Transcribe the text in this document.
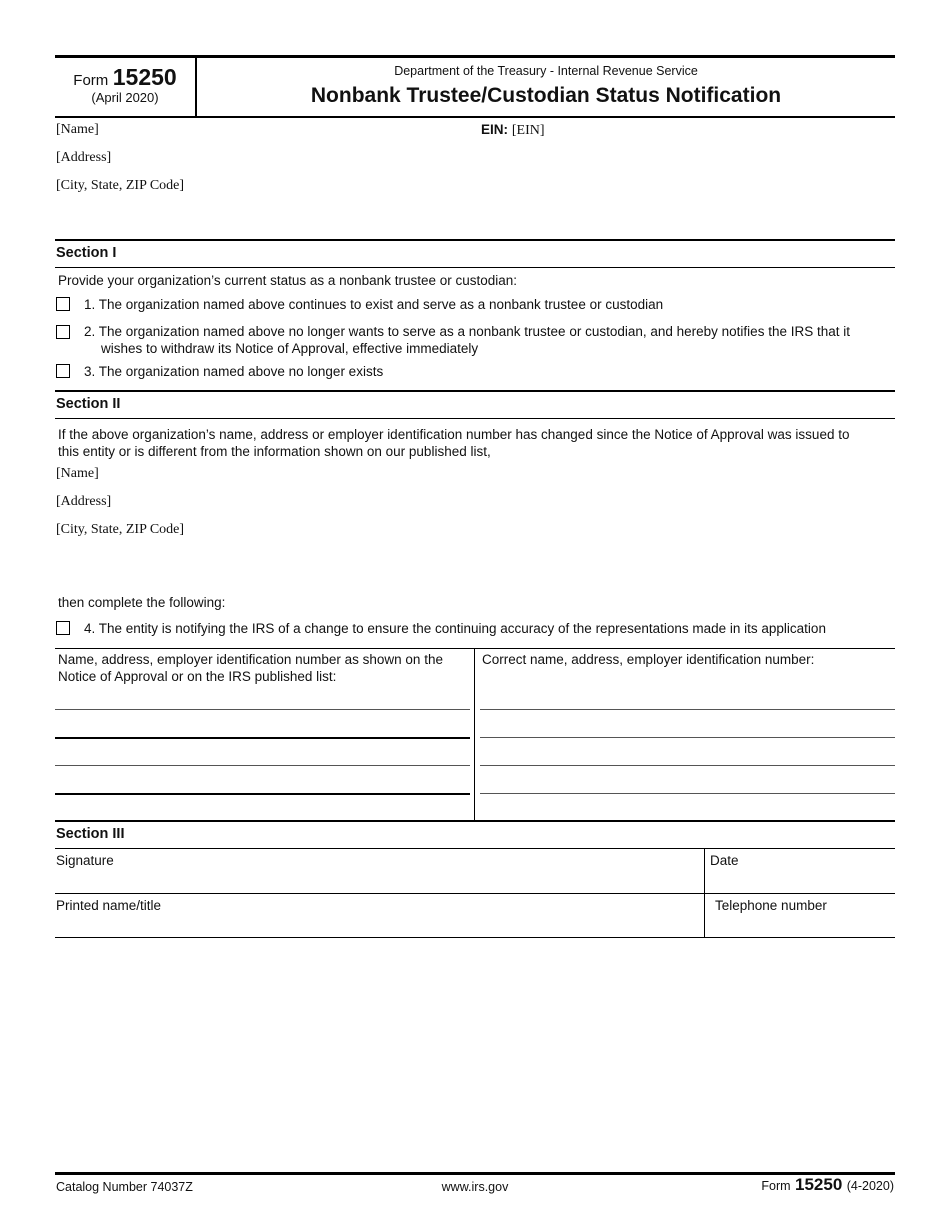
Form 15250
(April 2020)
Department of the Treasury - Internal Revenue Service
Nonbank Trustee/Custodian Status Notification
[Name]	EIN: [EIN]
[Address]
[City, State, ZIP Code]
Section I
Provide your organization’s current status as a nonbank trustee or custodian:
1. The organization named above continues to exist and serve as a nonbank trustee or custodian
2. The organization named above no longer wants to serve as a nonbank trustee or custodian, and hereby notifies the IRS that it
wishes to withdraw its Notice of Approval, effective immediately
3. The organization named above no longer exists
Section II
If the above organization’s name, address or employer identification number has changed since the Notice of Approval was issued to
this entity or is different from the information shown on our published list,
[Name]
[Address]
[City, State, ZIP Code]
then complete the following:
4. The entity is notifying the IRS of a change to ensure the continuing accuracy of the representations made in its application
Name, address, employer identification number as shown on the
Notice of Approval or on the IRS published list:
Correct name, address, employer identification number:
Section III
Signature	Date
Printed name/title	Telephone number
Catalog Number 74037Z	www.irs.gov	Form 15250 (4-2020)
